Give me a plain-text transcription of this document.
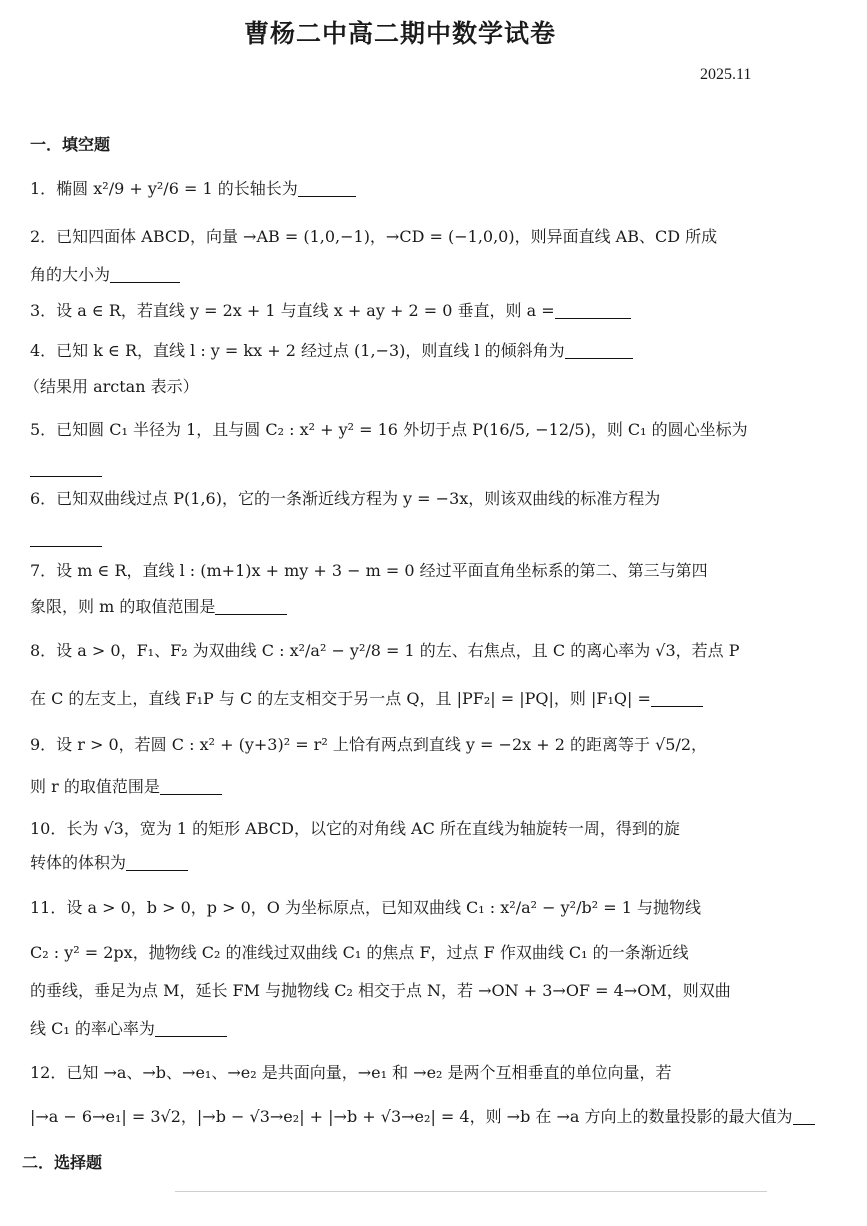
曹杨二中高二期中数学试卷
2025.11
一．填空题
1．椭圆 x²/9 + y²/6 = 1 的长轴长为
2．已知四面体 ABCD，向量 →AB = (1,0,−1)，→CD = (−1,0,0)，则异面直线 AB、CD 所成
角的大小为
3．设 a ∈ R，若直线 y = 2x + 1 与直线 x + ay + 2 = 0 垂直，则 a =
4．已知 k ∈ R，直线 l : y = kx + 2 经过点 (1,−3)，则直线 l 的倾斜角为
（结果用 arctan 表示）
5．已知圆 C₁ 半径为 1，且与圆 C₂ : x² + y² = 16 外切于点 P(16/5, −12/5)，则 C₁ 的圆心坐标为
6．已知双曲线过点 P(1,6)，它的一条渐近线方程为 y = −3x，则该双曲线的标准方程为
7．设 m ∈ R，直线 l : (m+1)x + my + 3 − m = 0 经过平面直角坐标系的第二、第三与第四
象限，则 m 的取值范围是
8．设 a > 0，F₁、F₂ 为双曲线 C : x²/a² − y²/8 = 1 的左、右焦点，且 C 的离心率为 √3，若点 P
在 C 的左支上，直线 F₁P 与 C 的左支相交于另一点 Q，且 |PF₂| = |PQ|，则 |F₁Q| =
9．设 r > 0，若圆 C : x² + (y+3)² = r² 上恰有两点到直线 y = −2x + 2 的距离等于 √5/2，
则 r 的取值范围是
10．长为 √3，宽为 1 的矩形 ABCD，以它的对角线 AC 所在直线为轴旋转一周，得到的旋
转体的体积为
11．设 a > 0，b > 0，p > 0，O 为坐标原点，已知双曲线 C₁ : x²/a² − y²/b² = 1 与抛物线
C₂ : y² = 2px，抛物线 C₂ 的准线过双曲线 C₁ 的焦点 F，过点 F 作双曲线 C₁ 的一条渐近线
的垂线，垂足为点 M，延长 FM 与抛物线 C₂ 相交于点 N，若 →ON + 3→OF = 4→OM，则双曲
线 C₁ 的率心率为
12．已知 →a、→b、→e₁、→e₂ 是共面向量，→e₁ 和 →e₂ 是两个互相垂直的单位向量，若
|→a − 6→e₁| = 3√2，|→b − √3→e₂| + |→b + √3→e₂| = 4，则 →b 在 →a 方向上的数量投影的最大值为
二．选择题
